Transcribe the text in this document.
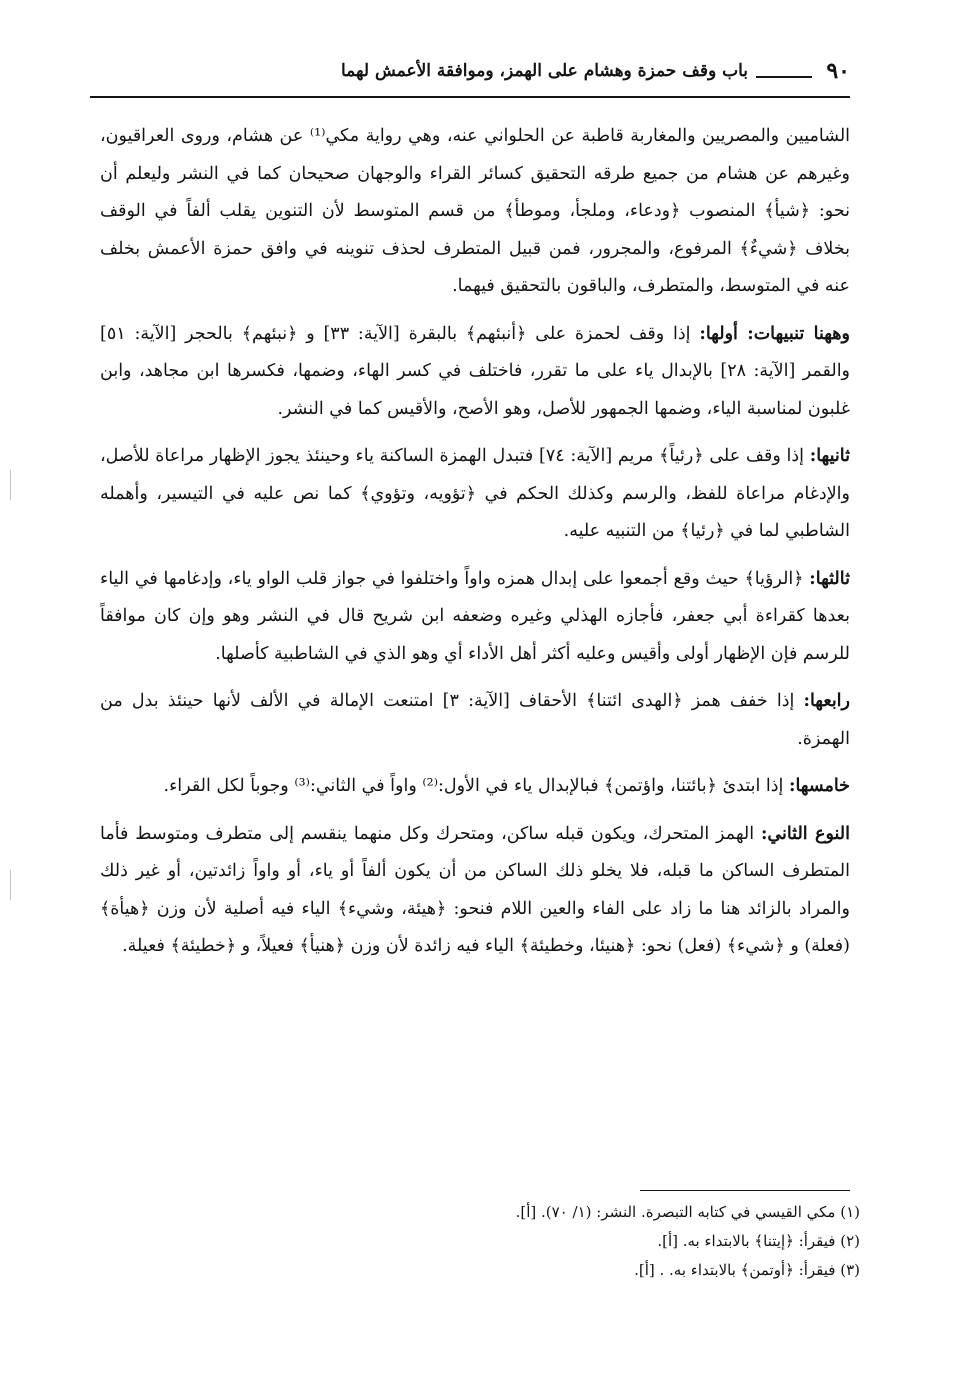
٩٠
باب وقف حمزة وهشام على الهمز، وموافقة الأعمش لهما

الشاميين والمصريين والمغاربة قاطبة عن الحلواني عنه، وهي رواية مكي⁽¹⁾ عن هشام، وروى العراقيون، وغيرهم عن هشام من جميع طرقه التحقيق كسائر القراء والوجهان صحيحان كما في النشر وليعلم أن نحو: ﴿شيأ﴾ المنصوب ﴿ودعاء، وملجأ، وموطأ﴾ من قسم المتوسط لأن التنوين يقلب ألفاً في الوقف بخلاف ﴿شيءٌ﴾ المرفوع، والمجرور، فمن قبيل المتطرف لحذف تنوينه في وافق حمزة الأعمش بخلف عنه في المتوسط، والمتطرف، والباقون بالتحقيق فيهما.

وههنا تنبيهات: أولها: إذا وقف لحمزة على ﴿أنبئهم﴾ بالبقرة [الآية: ٣٣] و ﴿نبئهم﴾ بالحجر [الآية: ٥١] والقمر [الآية: ٢٨] بالإبدال ياء على ما تقرر، فاختلف في كسر الهاء، وضمها، فكسرها ابن مجاهد، وابن غلبون لمناسبة الياء، وضمها الجمهور للأصل، وهو الأصح، والأقيس كما في النشر.

ثانيها: إذا وقف على ﴿رئياً﴾ مريم [الآية: ٧٤] فتبدل الهمزة الساكنة ياء وحينئذ يجوز الإظهار مراعاة للأصل، والإدغام مراعاة للفظ، والرسم وكذلك الحكم في ﴿تؤويه، وتؤوي﴾ كما نص عليه في التيسير، وأهمله الشاطبي لما في ﴿رئيا﴾ من التنبيه عليه.

ثالثها: ﴿الرؤيا﴾ حيث وقع أجمعوا على إبدال همزه واواً واختلفوا في جواز قلب الواو ياء، وإدغامها في الياء بعدها كقراءة أبي جعفر، فأجازه الهذلي وغيره وضعفه ابن شريح قال في النشر وهو وإن كان موافقاً للرسم فإن الإظهار أولى وأقيس وعليه أكثر أهل الأداء أي وهو الذي في الشاطبية كأصلها.

رابعها: إذا خفف همز ﴿الهدى ائتنا﴾ الأحقاف [الآية: ٣] امتنعت الإمالة في الألف لأنها حينئذ بدل من الهمزة.

خامسها: إذا ابتدئ ﴿بائتنا، واؤتمن﴾ فبالإبدال ياء في الأول:⁽²⁾ واواً في الثاني:⁽³⁾ وجوباً لكل القراء.

النوع الثاني: الهمز المتحرك، ويكون قبله ساكن، ومتحرك وكل منهما ينقسم إلى متطرف ومتوسط فأما المتطرف الساكن ما قبله، فلا يخلو ذلك الساكن من أن يكون ألفاً أو ياء، أو واواً زائدتين، أو غير ذلك والمراد بالزائد هنا ما زاد على الفاء والعين اللام فنحو: ﴿هيئة، وشيء﴾ الياء فيه أصلية لأن وزن ﴿هيأة﴾ (فعلة) و ﴿شيء﴾ (فعل) نحو: ﴿هنيئا، وخطيئة﴾ الياء فيه زائدة لأن وزن ﴿هنيأ﴾ فعيلاً، و ﴿خطيئة﴾ فعيلة.

(١) مكي القيسي في كتابه التبصرة. النشر: (١/ ٧٠). [أ].
(٢) فيقرأ: ﴿إيتنا﴾ بالابتداء به. [أ].
(٣) فيقرأ: ﴿أوتمن﴾ بالابتداء به. . [أ].
